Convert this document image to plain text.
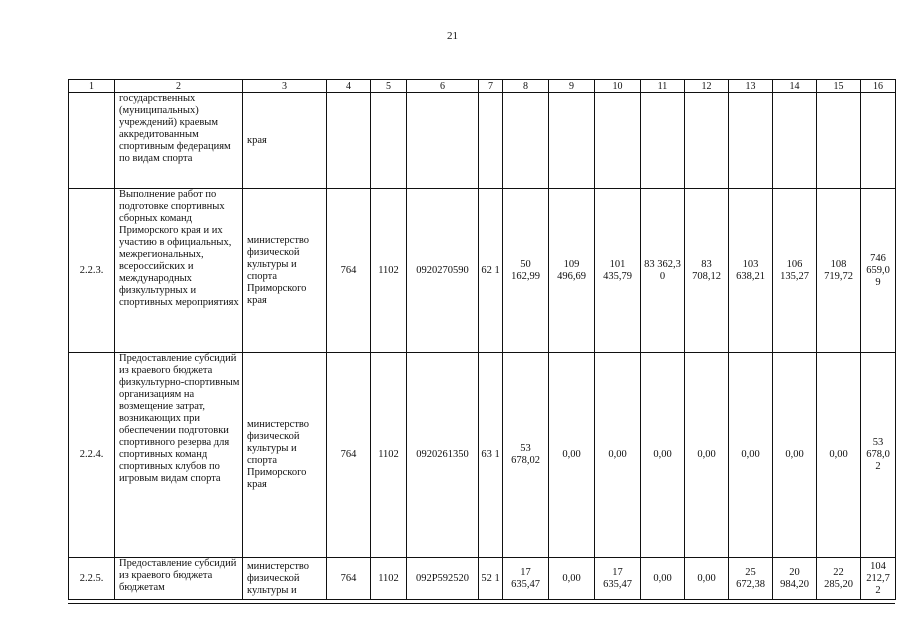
21
1	2	3	4	5	6	7	8	9	10	11	12	13	14	15	16
	государственных (муниципальных) учреждений) краевым аккредитованным спортивным федерациям по видам спорта	края													
2.2.3.	Выполнение работ по подготовке спортивных сборных команд Приморского края и их участию в официальных, межрегиональных, всероссийских и международных физкультурных и спортивных мероприятиях	министерство физической культуры и спорта Приморского края	764	1102	0920270590	62 1	50 162,99	109 496,69	101 435,79	83 362,3 0	83 708,12	103 638,21	106 135,27	108 719,72	746 659,0 9
2.2.4.	Предоставление субсидий из краевого бюджета физкультурно-спортивным организациям на возмещение затрат, возникающих при обеспечении подготовки спортивного резерва для спортивных команд спортивных клубов по игровым видам спорта	министерство физической культуры и спорта Приморского края	764	1102	0920261350	63 1	53 678,02	0,00	0,00	0,00	0,00	0,00	0,00	0,00	53 678,0 2
2.2.5.	Предоставление субсидий из краевого бюджета бюджетам	министерство физической культуры и	764	1102	092P592520	52 1	17 635,47	0,00	17 635,47	0,00	0,00	25 672,38	20 984,20	22 285,20	104 212,7 2
